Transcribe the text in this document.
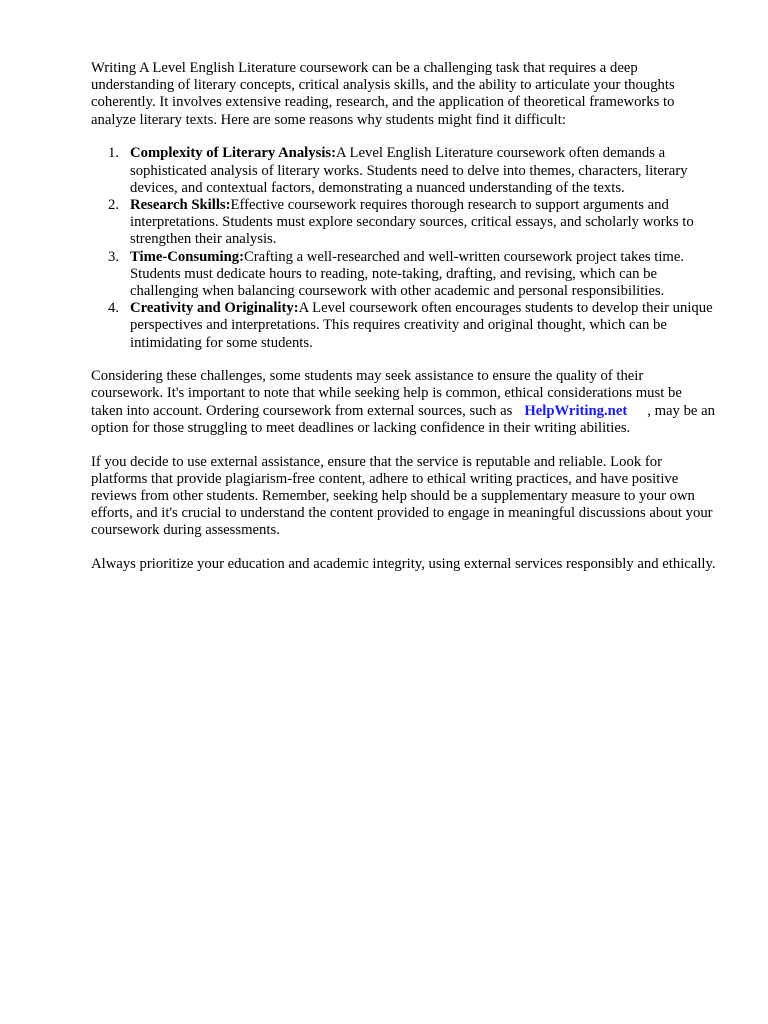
Writing A Level English Literature coursework can be a challenging task that requires a deep understanding of literary concepts, critical analysis skills, and the ability to articulate your thoughts coherently. It involves extensive reading, research, and the application of theoretical frameworks to analyze literary texts. Here are some reasons why students might find it difficult:

1. Complexity of Literary Analysis:A Level English Literature coursework often demands a sophisticated analysis of literary works. Students need to delve into themes, characters, literary devices, and contextual factors, demonstrating a nuanced understanding of the texts.
2. Research Skills:Effective coursework requires thorough research to support arguments and interpretations. Students must explore secondary sources, critical essays, and scholarly works to strengthen their analysis.
3. Time-Consuming:Crafting a well-researched and well-written coursework project takes time. Students must dedicate hours to reading, note-taking, drafting, and revising, which can be challenging when balancing coursework with other academic and personal responsibilities.
4. Creativity and Originality:A Level coursework often encourages students to develop their unique perspectives and interpretations. This requires creativity and original thought, which can be intimidating for some students.

Considering these challenges, some students may seek assistance to ensure the quality of their coursework. It's important to note that while seeking help is common, ethical considerations must be taken into account. Ordering coursework from external sources, such as HelpWriting.net , may be an option for those struggling to meet deadlines or lacking confidence in their writing abilities.

If you decide to use external assistance, ensure that the service is reputable and reliable. Look for platforms that provide plagiarism-free content, adhere to ethical writing practices, and have positive reviews from other students. Remember, seeking help should be a supplementary measure to your own efforts, and it's crucial to understand the content provided to engage in meaningful discussions about your coursework during assessments.

Always prioritize your education and academic integrity, using external services responsibly and ethically.
